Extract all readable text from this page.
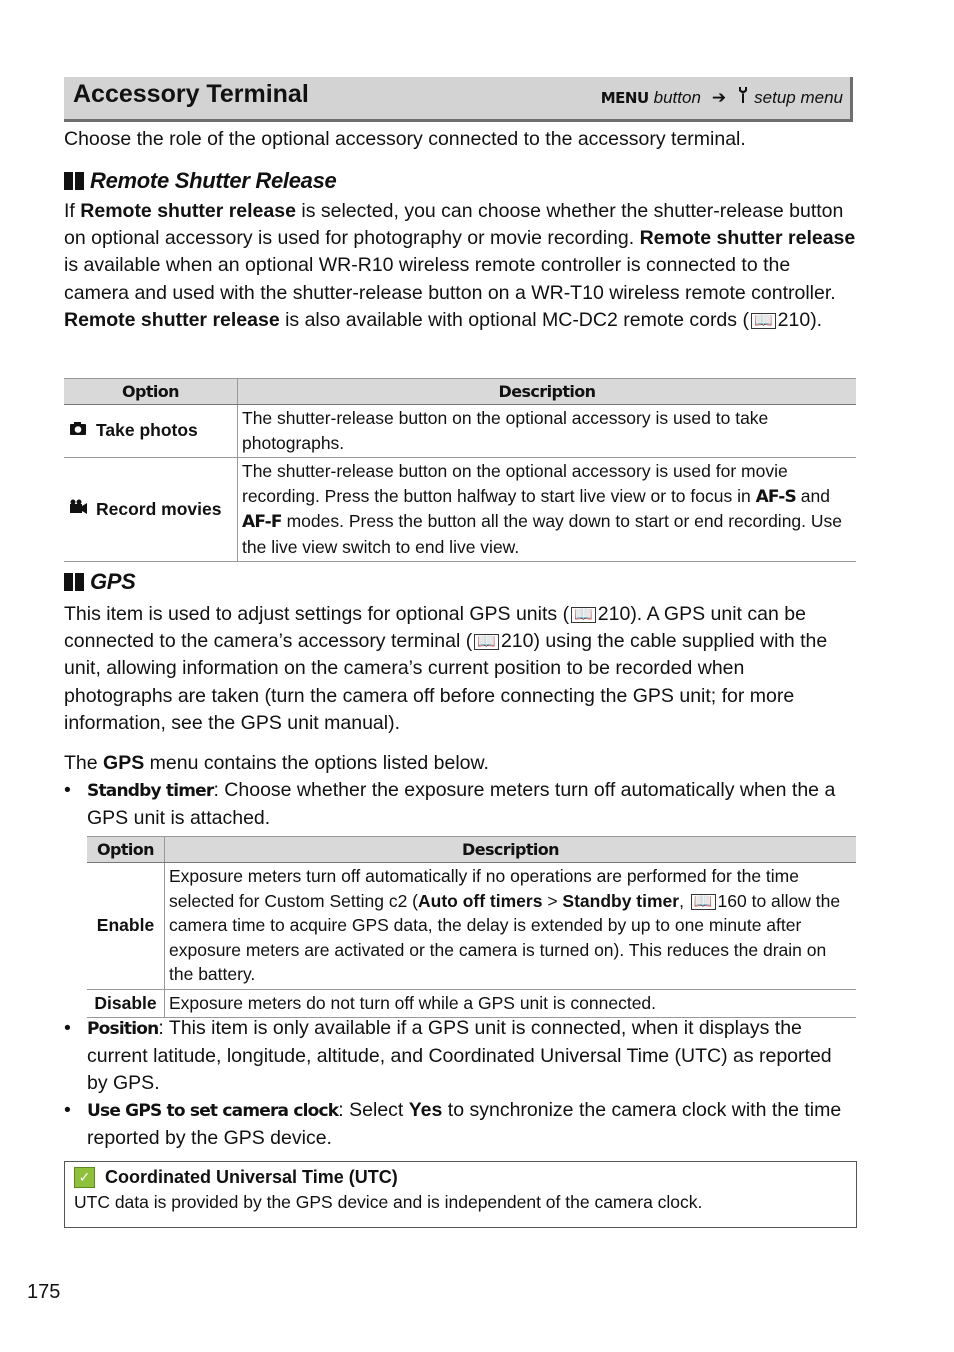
Accessory Terminal	MENU button ➔ setup menu
Choose the role of the optional accessory connected to the accessory terminal.
Remote Shutter Release
If Remote shutter release is selected, you can choose whether the shutter-release button on optional accessory is used for photography or movie recording. Remote shutter release is available when an optional WR-R10 wireless remote controller is connected to the camera and used with the shutter-release button on a WR-T10 wireless remote controller. Remote shutter release is also available with optional MC-DC2 remote cords ( 📖 210).
Option	Description
Take photos	The shutter-release button on the optional accessory is used to take photographs.
Record movies	The shutter-release button on the optional accessory is used for movie recording. Press the button halfway to start live view or to focus in AF-S and AF-F modes. Press the button all the way down to start or end recording. Use the live view switch to end live view.
GPS
This item is used to adjust settings for optional GPS units ( 📖 210). A GPS unit can be connected to the camera’s accessory terminal ( 📖 210) using the cable supplied with the unit, allowing information on the camera’s current position to be recorded when photographs are taken (turn the camera off before connecting the GPS unit; for more information, see the GPS unit manual).
The GPS menu contains the options listed below.
• Standby timer: Choose whether the exposure meters turn off automatically when the a GPS unit is attached.
Option	Description
Enable	Exposure meters turn off automatically if no operations are performed for the time selected for Custom Setting c2 (Auto off timers > Standby timer, 📖 160 to allow the camera time to acquire GPS data, the delay is extended by up to one minute after exposure meters are activated or the camera is turned on). This reduces the drain on the battery.
Disable	Exposure meters do not turn off while a GPS unit is connected.
• Position: This item is only available if a GPS unit is connected, when it displays the current latitude, longitude, altitude, and Coordinated Universal Time (UTC) as reported by GPS.
• Use GPS to set camera clock: Select Yes to synchronize the camera clock with the time reported by the GPS device.
✓ Coordinated Universal Time (UTC)
UTC data is provided by the GPS device and is independent of the camera clock.
175
